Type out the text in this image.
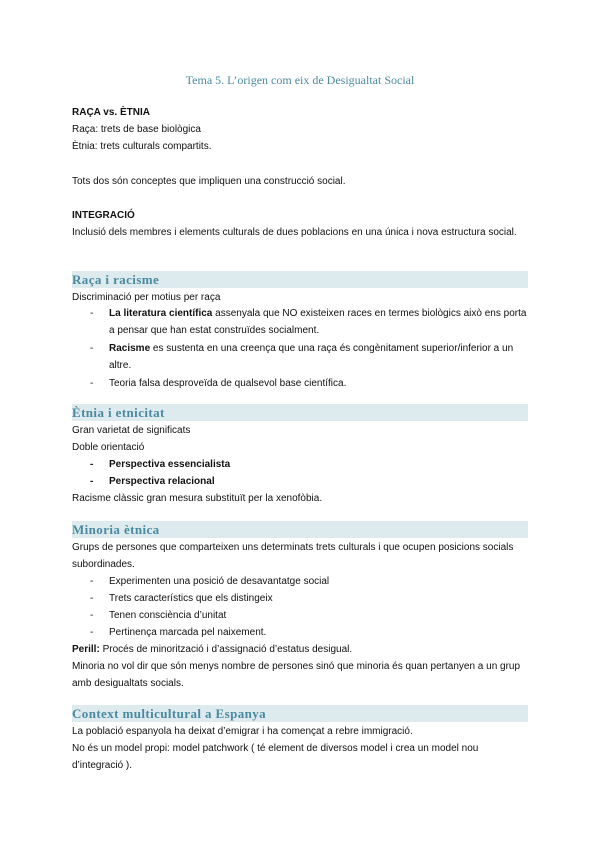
Tema 5. L’origen com eix de Desigualtat Social
RAÇA vs. ÈTNIA
Raça: trets de base biològica
Ètnia: trets culturals compartits.
Tots dos són conceptes que impliquen una construcció social.
INTEGRACIÓ
Inclusió dels membres i elements culturals de dues poblacions en una única i nova estructura social.
Raça i racisme
Discriminació per motius per raça
- La literatura científica assenyala que NO existeixen races en termes biològics això ens porta a pensar que han estat construïdes socialment.
- Racisme es sustenta en una creença que una raça és congènitament superior/inferior a un altre.
- Teoria falsa desproveïda de qualsevol base científica.
Ètnia i etnicitat
Gran varietat de significats
Doble orientació
- Perspectiva essencialista
- Perspectiva relacional
Racisme clàssic gran mesura substituït per la xenofòbia.
Minoria ètnica
Grups de persones que comparteixen uns determinats trets culturals i que ocupen posicions socials subordinades.
- Experimenten una posició de desavantatge social
- Trets característics que els distingeix
- Tenen consciència d’unitat
- Pertinença marcada pel naixement.
Perill: Procés de minorització i d’assignació d’estatus desigual.
Minoria no vol dir que són menys nombre de persones sinó que minoria és quan pertanyen a un grup amb desigualtats socials.
Context multicultural a Espanya
La població espanyola ha deixat d’emigrar i ha començat a rebre immigració.
No és un model propi: model patchwork ( té element de diversos model i crea un model nou d’integració ).
